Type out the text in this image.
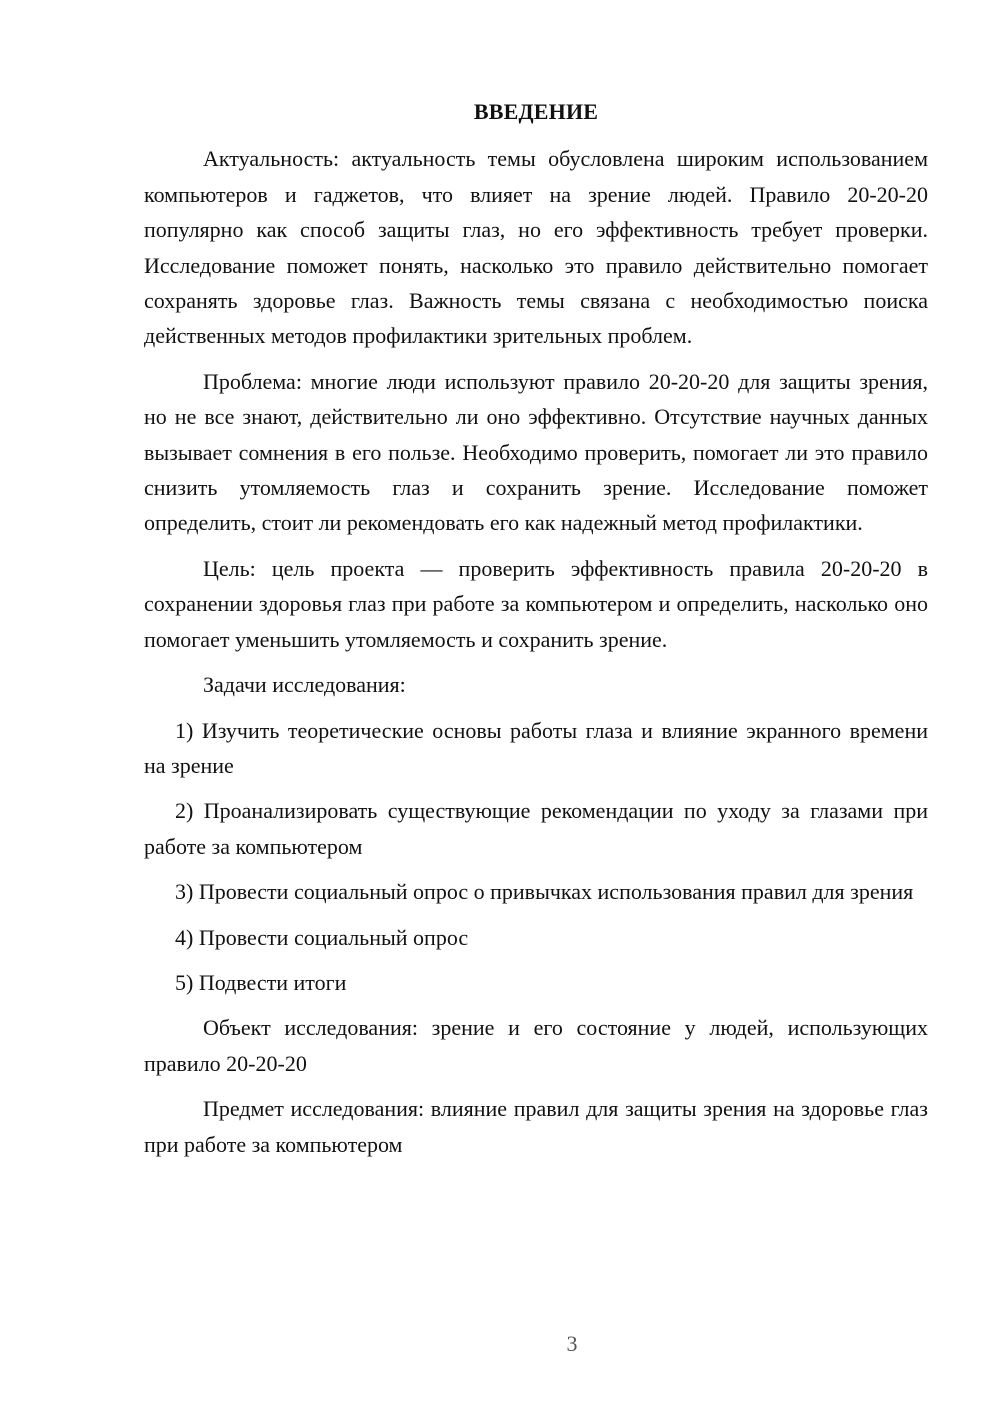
ВВЕДЕНИЕ

Актуальность: актуальность темы обусловлена широким использованием компьютеров и гаджетов, что влияет на зрение людей. Правило 20-20-20 популярно как способ защиты глаз, но его эффективность требует проверки. Исследование поможет понять, насколько это правило действительно помогает сохранять здоровье глаз. Важность темы связана с необходимостью поиска действенных методов профилактики зрительных проблем.

Проблема: многие люди используют правило 20-20-20 для защиты зрения, но не все знают, действительно ли оно эффективно. Отсутствие научных данных вызывает сомнения в его пользе. Необходимо проверить, помогает ли это правило снизить утомляемость глаз и сохранить зрение. Исследование поможет определить, стоит ли рекомендовать его как надежный метод профилактики.

Цель: цель проекта — проверить эффективность правила 20-20-20 в сохранении здоровья глаз при работе за компьютером и определить, насколько оно помогает уменьшить утомляемость и сохранить зрение.

Задачи исследования:

1) Изучить теоретические основы работы глаза и влияние экранного времени на зрение

2) Проанализировать существующие рекомендации по уходу за глазами при работе за компьютером

3) Провести социальный опрос о привычках использования правил для зрения

4) Провести социальный опрос

5) Подвести итоги

Объект исследования: зрение и его состояние у людей, использующих правило 20-20-20

Предмет исследования: влияние правил для защиты зрения на здоровье глаз при работе за компьютером

3
